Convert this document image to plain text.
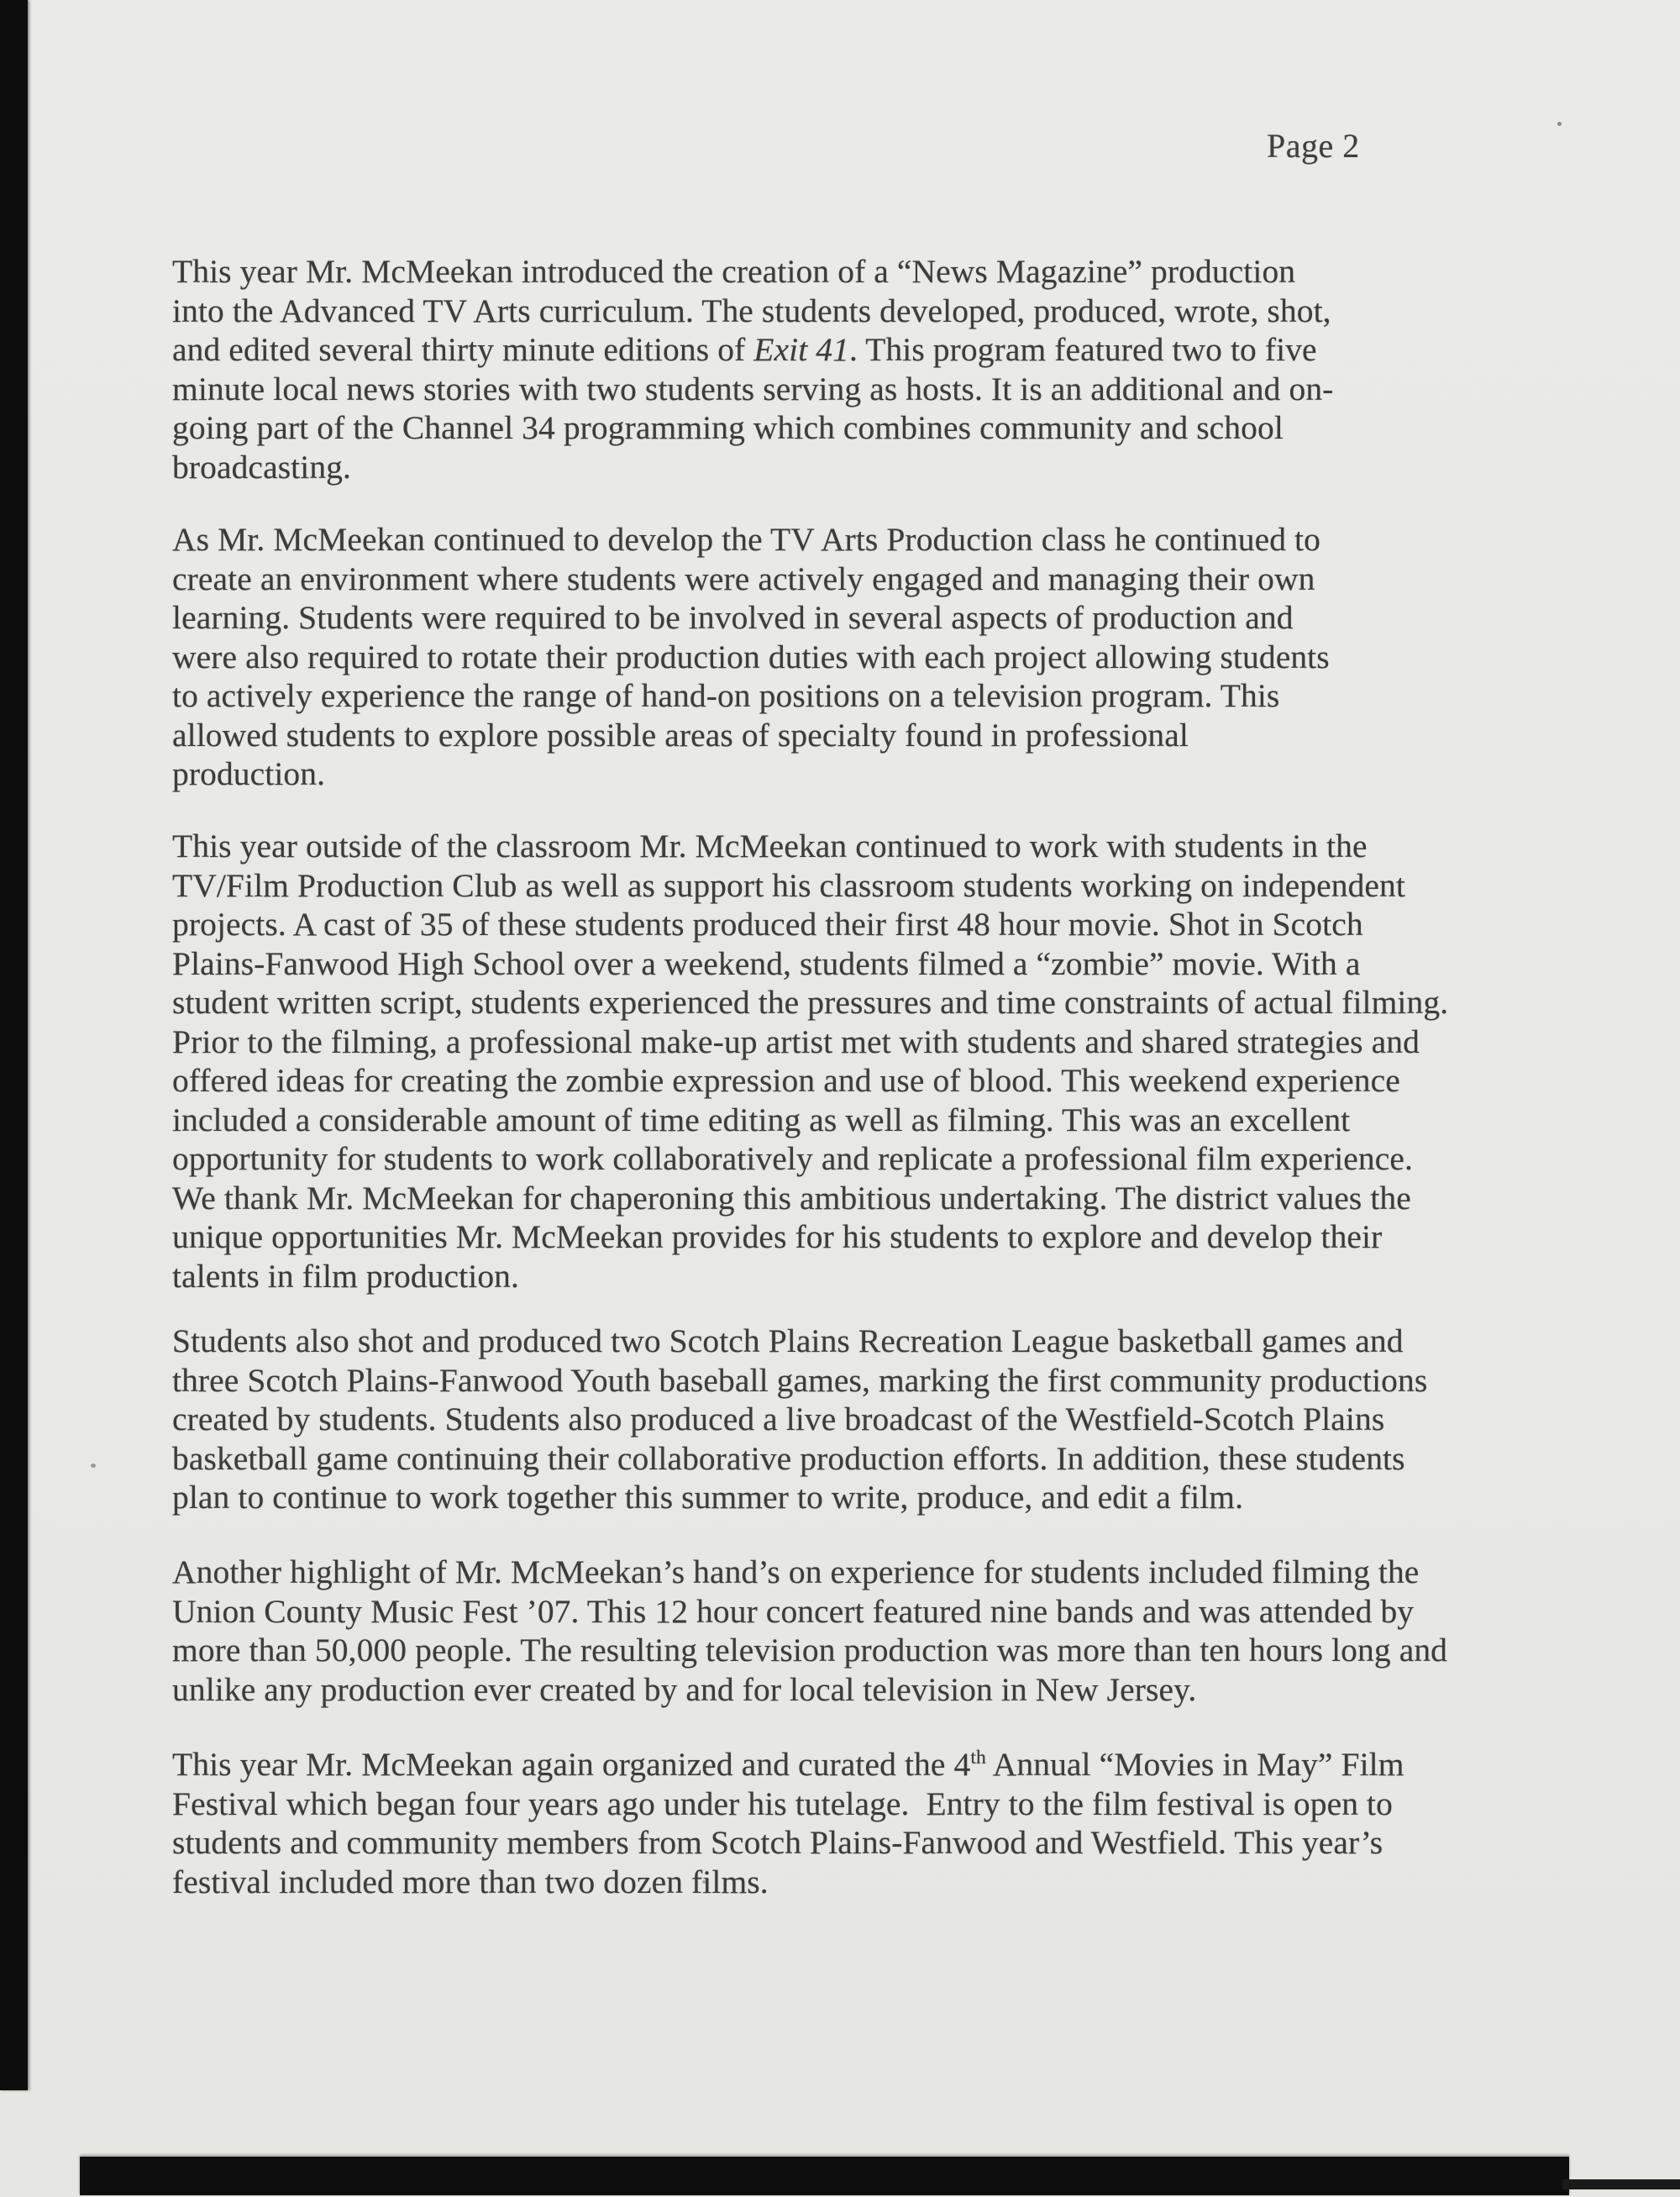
Page 2
This year Mr. McMeekan introduced the creation of a “News Magazine” production
into the Advanced TV Arts curriculum. The students developed, produced, wrote, shot,
and edited several thirty minute editions of Exit 41. This program featured two to five
minute local news stories with two students serving as hosts. It is an additional and on-
going part of the Channel 34 programming which combines community and school
broadcasting.
As Mr. McMeekan continued to develop the TV Arts Production class he continued to
create an environment where students were actively engaged and managing their own
learning. Students were required to be involved in several aspects of production and
were also required to rotate their production duties with each project allowing students
to actively experience the range of hand-on positions on a television program. This
allowed students to explore possible areas of specialty found in professional
production.
This year outside of the classroom Mr. McMeekan continued to work with students in the
TV/Film Production Club as well as support his classroom students working on independent
projects. A cast of 35 of these students produced their first 48 hour movie. Shot in Scotch
Plains-Fanwood High School over a weekend, students filmed a “zombie” movie. With a
student written script, students experienced the pressures and time constraints of actual filming.
Prior to the filming, a professional make-up artist met with students and shared strategies and
offered ideas for creating the zombie expression and use of blood. This weekend experience
included a considerable amount of time editing as well as filming. This was an excellent
opportunity for students to work collaboratively and replicate a professional film experience.
We thank Mr. McMeekan for chaperoning this ambitious undertaking. The district values the
unique opportunities Mr. McMeekan provides for his students to explore and develop their
talents in film production.
Students also shot and produced two Scotch Plains Recreation League basketball games and
three Scotch Plains-Fanwood Youth baseball games, marking the first community productions
created by students. Students also produced a live broadcast of the Westfield-Scotch Plains
basketball game continuing their collaborative production efforts. In addition, these students
plan to continue to work together this summer to write, produce, and edit a film.
Another highlight of Mr. McMeekan’s hand’s on experience for students included filming the
Union County Music Fest ’07. This 12 hour concert featured nine bands and was attended by
more than 50,000 people. The resulting television production was more than ten hours long and
unlike any production ever created by and for local television in New Jersey.
This year Mr. McMeekan again organized and curated the 4th Annual “Movies in May” Film
Festival which began four years ago under his tutelage.  Entry to the film festival is open to
students and community members from Scotch Plains-Fanwood and Westfield. This year’s
festival included more than two dozen films.
